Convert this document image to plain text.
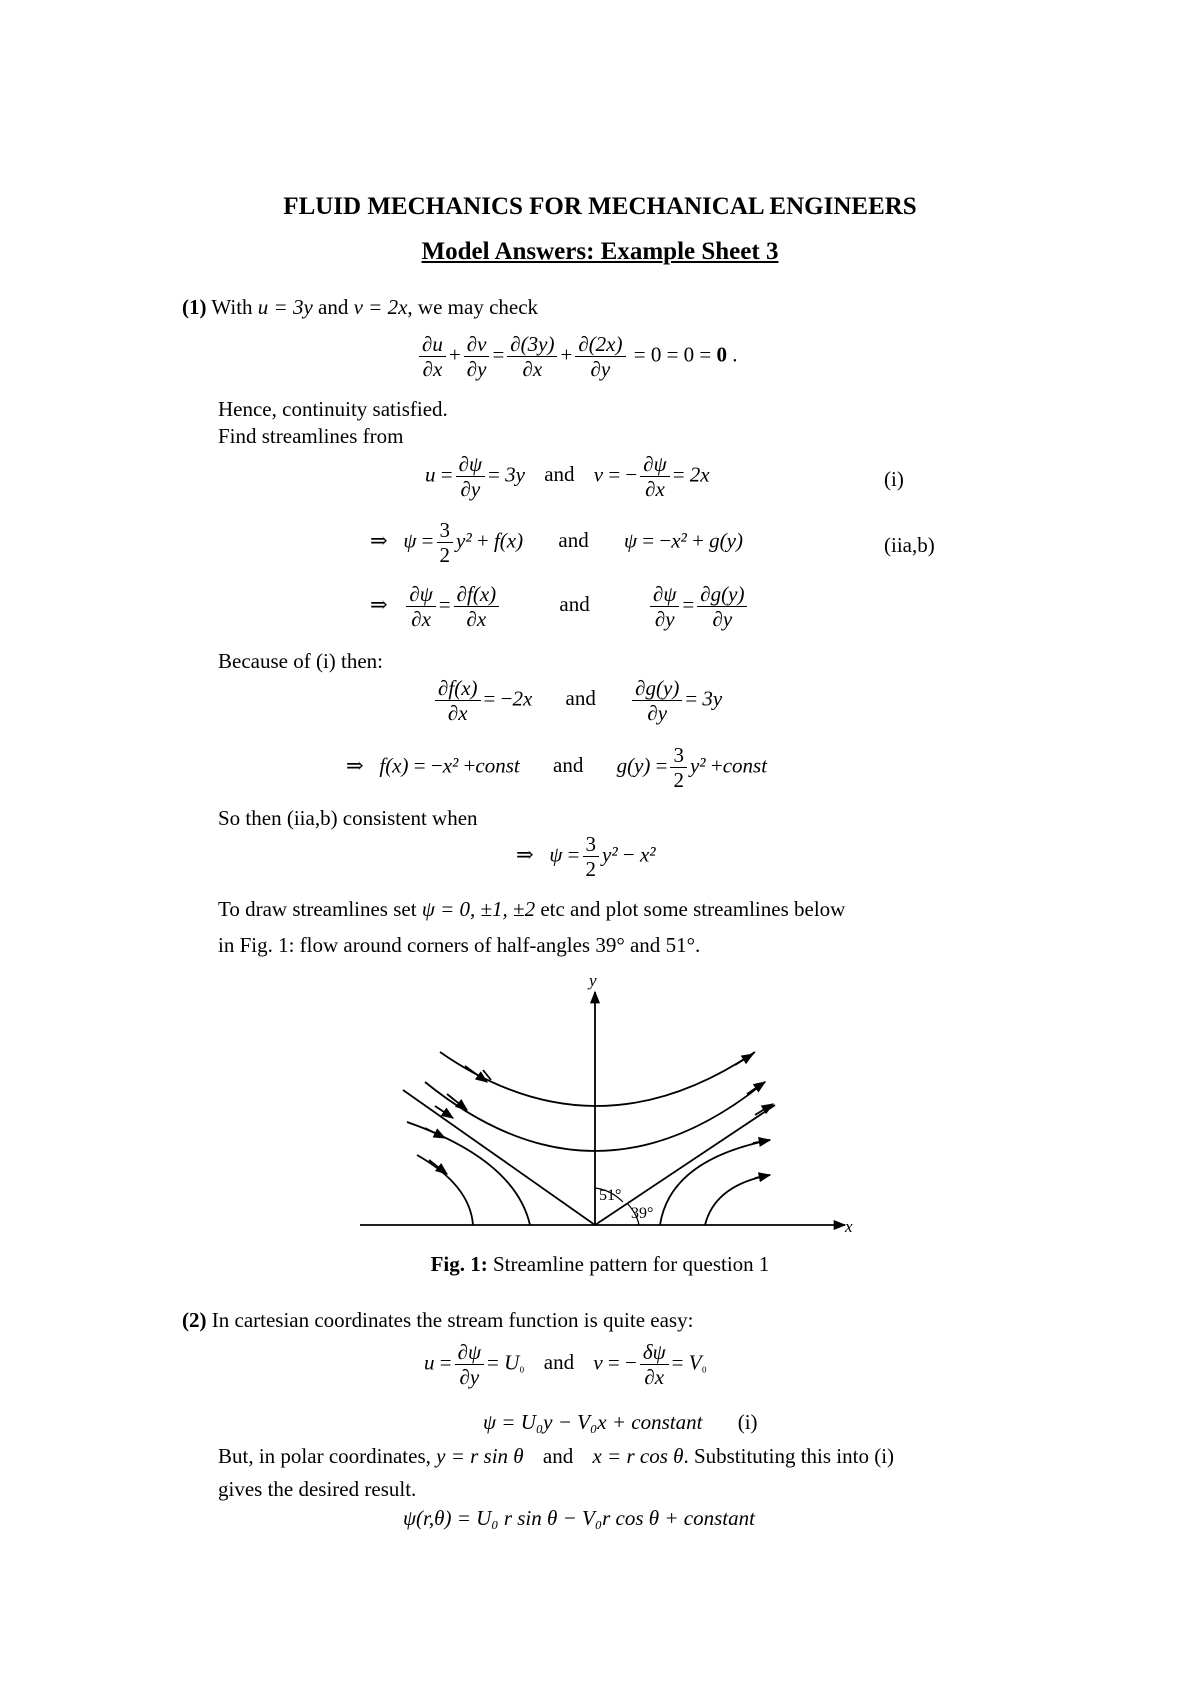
FLUID MECHANICS FOR MECHANICAL ENGINEERS
Model Answers: Example Sheet 3
(1) With u = 3y and v = 2x, we may check
$\frac{\partial u}{\partial x} + \frac{\partial v}{\partial y} = \frac{\partial(3y)}{\partial x} + \frac{\partial(2x)}{\partial y} = 0 = 0 = 0$ .
Hence, continuity satisfied.
Find streamlines from
$u = \frac{\partial\psi}{\partial y} = 3y$ and v = − $\frac{\partial\psi}{\partial x} = 2x$	(i)
⇒   $\psi = \frac{3}{2} y^2 + f(x)$ and ψ = −x² + g(y)	(iia,b)
⇒ $\frac{\partial\psi}{\partial x} = \frac{\partial f(x)}{\partial x}$	and	$\frac{\partial\psi}{\partial y} = \frac{\partial g(y)}{\partial y}$
Because of (i) then:
$\frac{\partial f(x)}{\partial x} = -2x$ and $\frac{\partial g(y)}{\partial y} = 3y$
⇒   f(x) = −x² +const and $g(y) = \frac{3}{2} y^2$ +const
So then (iia,b) consistent when
⇒   $\psi = \frac{3}{2} y^2 - x^2$
To draw streamlines set ψ = 0, ±1, ±2 etc and plot some streamlines below
in Fig. 1: flow around corners of half-angles 39° and 51°.
x
y
51°
39°
Fig. 1: Streamline pattern for question 1
(2) In cartesian coordinates the stream function is quite easy:
$u = \frac{\partial\psi}{\partial y} = U_0$ and v = − $\frac{\delta\psi}{\partial x} = V_0$
ψ = U₀y − V₀x + constant (i)
But, in polar coordinates, y = r sin θ and x = r cos θ. Substituting this into (i)
gives the desired result.
ψ(r,θ) = U₀ r sin θ − V₀r cos θ + constant
